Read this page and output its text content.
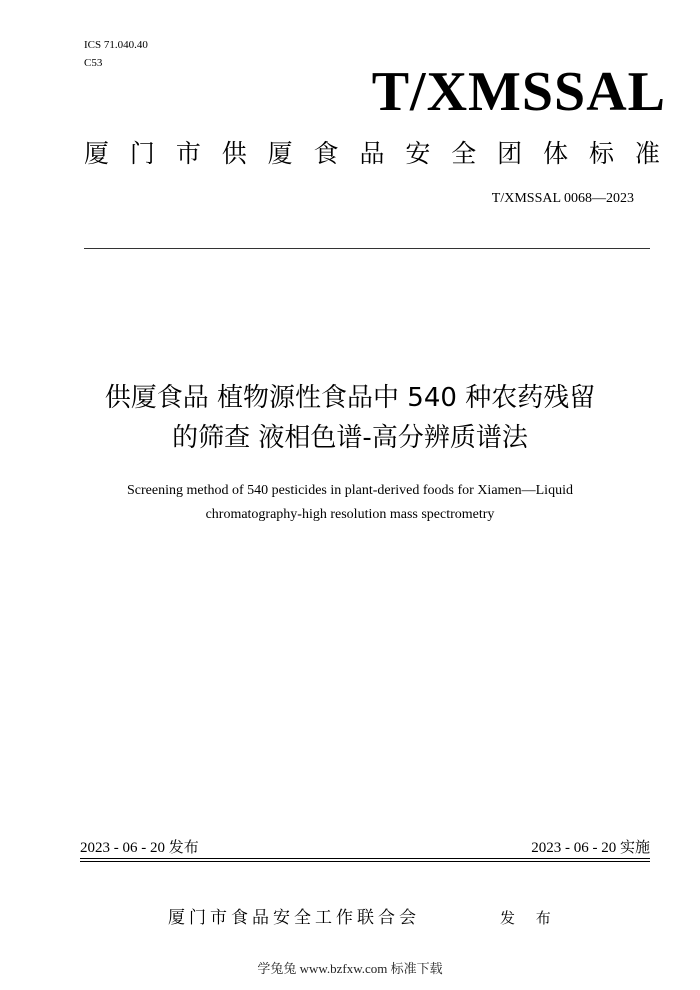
ICS 71.040.40
C53	T/XMSSAL
厦 门 市 供 厦 食 品 安 全 团 体 标 准
T/XMSSAL 0068—2023
供厦食品 植物源性食品中 540 种农药残留
的筛查 液相色谱-高分辨质谱法
Screening method of 540 pesticides in plant-derived foods for Xiamen—Liquid
chromatography-high resolution mass spectrometry
2023 - 06 - 20 发布	2023 - 06 - 20 实施
厦门市食品安全工作联合会	发 布
学兔兔 www.bzfxw.com 标准下载
